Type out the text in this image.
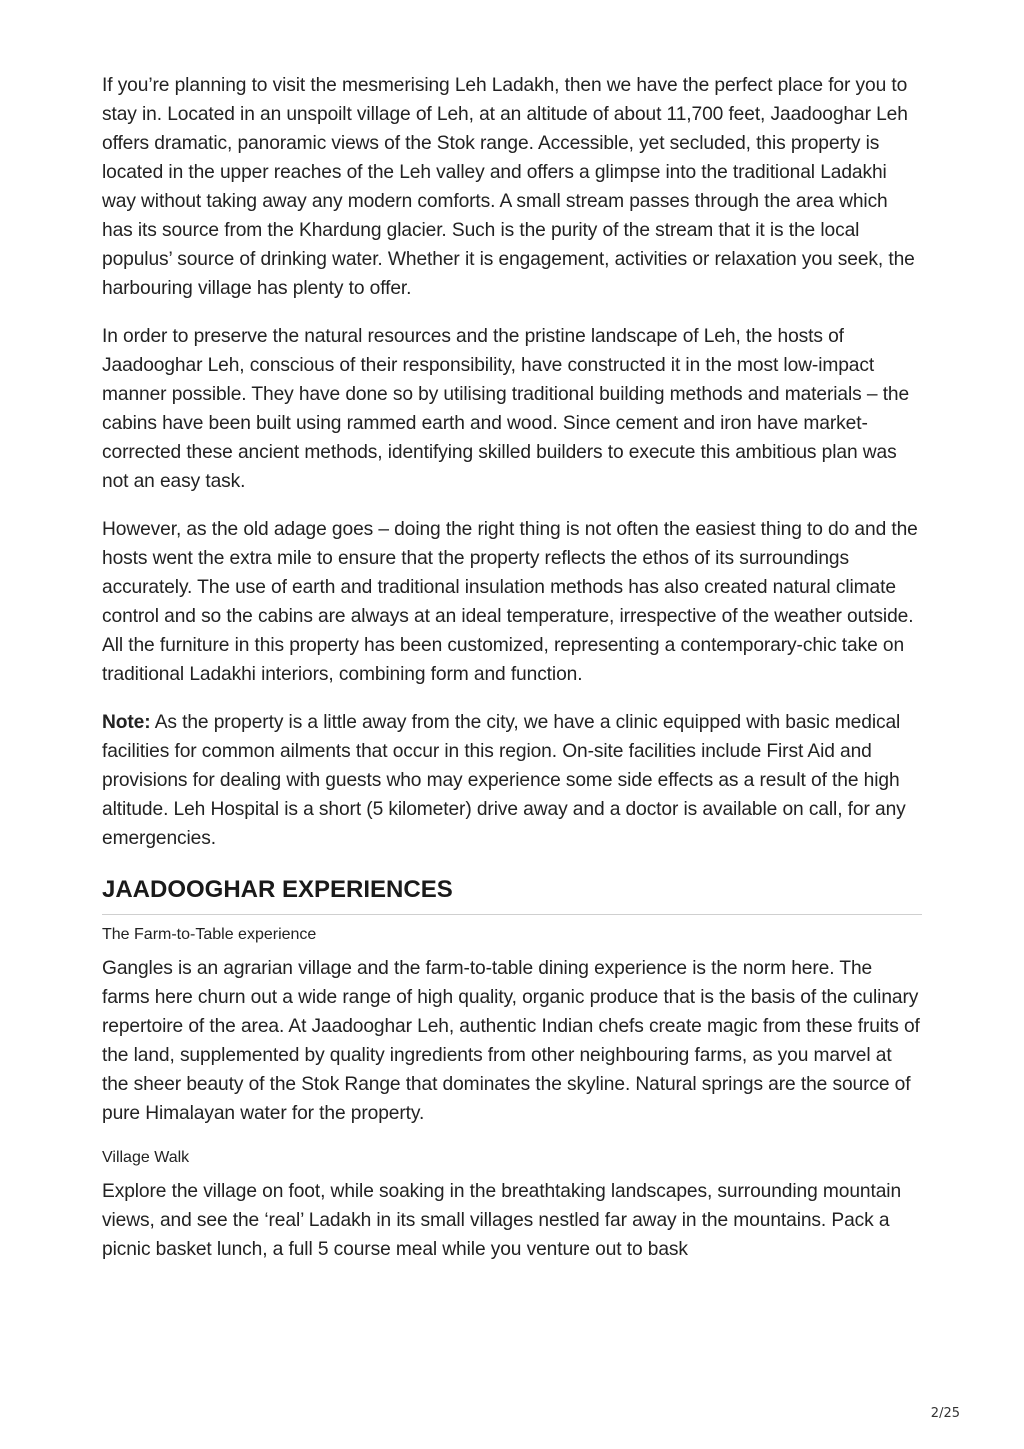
If you’re planning to visit the mesmerising Leh Ladakh, then we have the perfect place for you to stay in. Located in an unspoilt village of Leh, at an altitude of about 11,700 feet, Jaadooghar Leh offers dramatic, panoramic views of the Stok range. Accessible, yet secluded, this property is located in the upper reaches of the Leh valley and offers a glimpse into the traditional Ladakhi way without taking away any modern comforts. A small stream passes through the area which has its source from the Khardung glacier. Such is the purity of the stream that it is the local populus’ source of drinking water. Whether it is engagement, activities or relaxation you seek, the harbouring village has plenty to offer.

In order to preserve the natural resources and the pristine landscape of Leh, the hosts of Jaadooghar Leh, conscious of their responsibility, have constructed it in the most low-impact manner possible. They have done so by utilising traditional building methods and materials – the cabins have been built using rammed earth and wood. Since cement and iron have market-corrected these ancient methods, identifying skilled builders to execute this ambitious plan was not an easy task.

However, as the old adage goes – doing the right thing is not often the easiest thing to do and the hosts went the extra mile to ensure that the property reflects the ethos of its surroundings accurately. The use of earth and traditional insulation methods has also created natural climate control and so the cabins are always at an ideal temperature, irrespective of the weather outside. All the furniture in this property has been customized, representing a contemporary-chic take on traditional Ladakhi interiors, combining form and function.

Note: As the property is a little away from the city, we have a clinic equipped with basic medical facilities for common ailments that occur in this region. On-site facilities include First Aid and provisions for dealing with guests who may experience some side effects as a result of the high altitude. Leh Hospital is a short (5 kilometer) drive away and a doctor is available on call, for any emergencies.

JAADOOGHAR EXPERIENCES
The Farm-to-Table experience

Gangles is an agrarian village and the farm-to-table dining experience is the norm here. The farms here churn out a wide range of high quality, organic produce that is the basis of the culinary repertoire of the area. At Jaadooghar Leh, authentic Indian chefs create magic from these fruits of the land, supplemented by quality ingredients from other neighbouring farms, as you marvel at the sheer beauty of the Stok Range that dominates the skyline. Natural springs are the source of pure Himalayan water for the property.

Village Walk

Explore the village on foot, while soaking in the breathtaking landscapes, surrounding mountain views, and see the ‘real’ Ladakh in its small villages nestled far away in the mountains. Pack a picnic basket lunch, a full 5 course meal while you venture out to bask

2/25
